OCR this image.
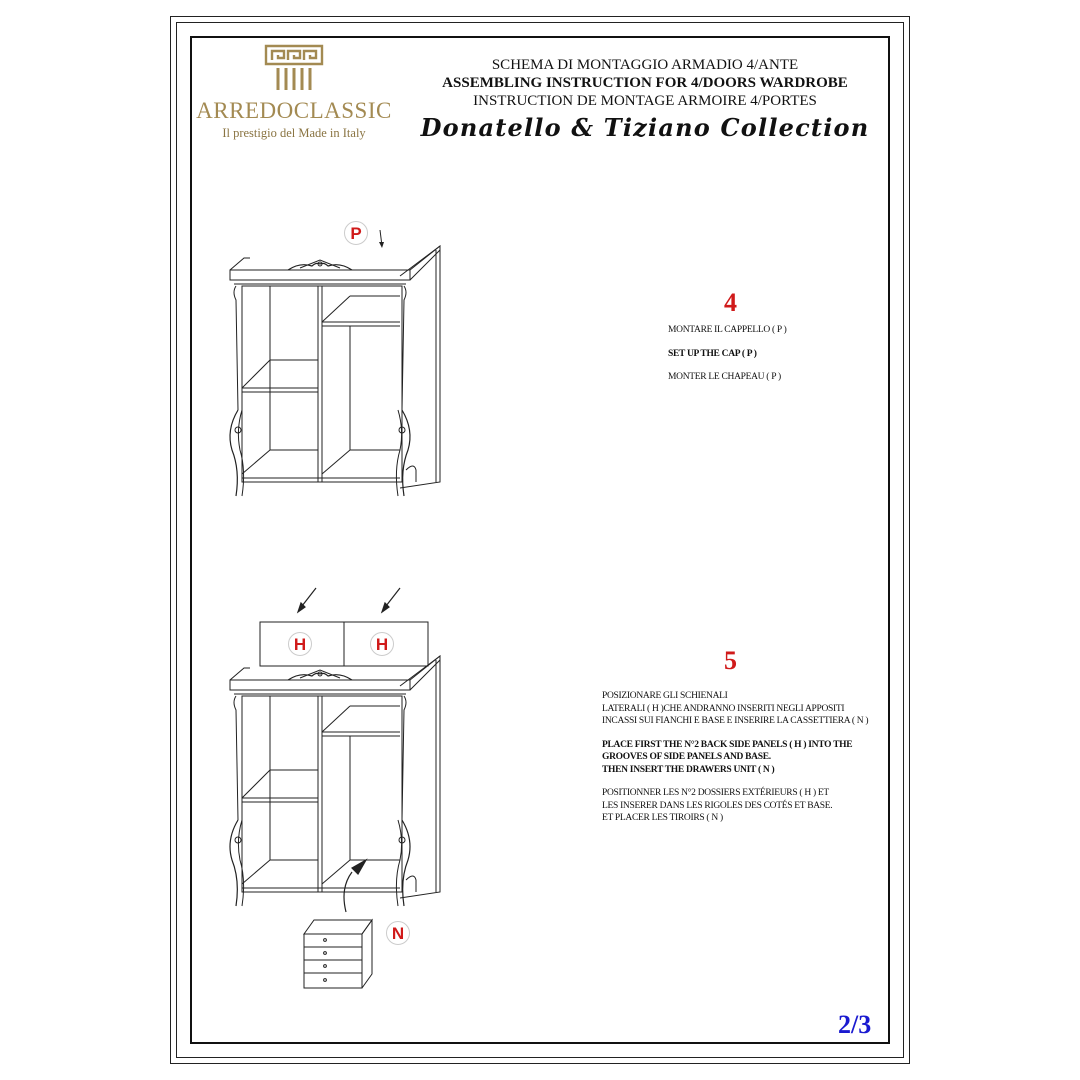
ARREDOCLASSIC
Il prestigio del Made in Italy
SCHEMA DI MONTAGGIO ARMADIO 4/ANTE
ASSEMBLING INSTRUCTION FOR 4/DOORS WARDROBE
INSTRUCTION DE MONTAGE ARMOIRE 4/PORTES
Donatello & Tiziano Collection
P
H	H
N
4

MONTARE IL CAPPELLO ( P )

SET UP THE CAP ( P )

MONTER LE CHAPEAU ( P )

5

POSIZIONARE GLI SCHIENALI

LATERALI ( H )CHE ANDRANNO INSERITI NEGLI APPOSITI

INCASSI SUI FIANCHI E BASE E INSERIRE LA CASSETTIERA ( N )

PLACE FIRST THE N°2 BACK SIDE PANELS ( H ) INTO THE

GROOVES OF SIDE PANELS AND BASE.

THEN INSERT THE DRAWERS UNIT ( N )

POSITIONNER LES N°2 DOSSIERS EXTÉRIEURS ( H ) ET

LES INSERER DANS LES RIGOLES DES COTÉS ET BASE.

ET PLACER LES TIROIRS ( N )

2/3
